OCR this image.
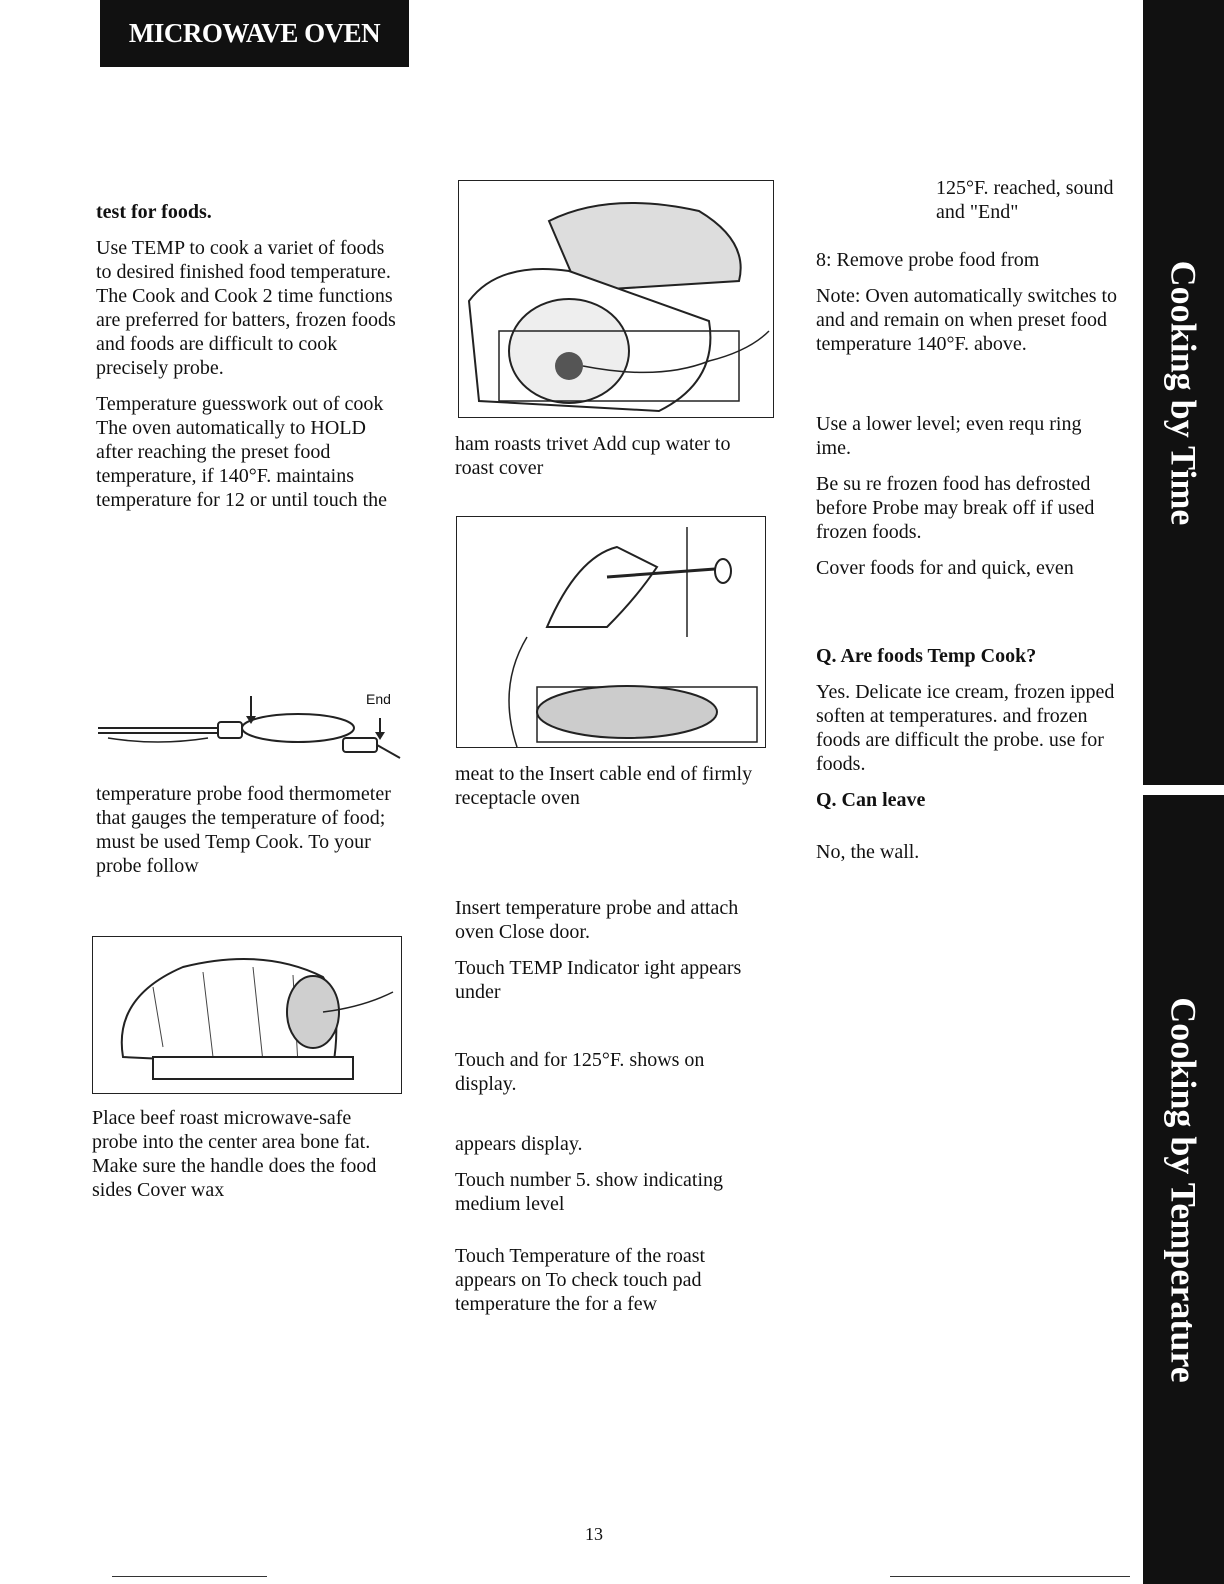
MICROWAVE OVEN
Cooking by Time
Cooking by Temperature

test for foods.

Use TEMP to cook a variet of foods to desired finished food temperature. The Cook and Cook 2 time functions are preferred for batters, frozen foods and foods are difficult to cook precisely probe.

Temperature guesswork out of cook The oven automatically to HOLD after reaching the preset food temperature, if 140°F. maintains temperature for 12 or until touch the

End

temperature probe food thermometer that gauges the temperature of food; must be used Temp Cook. To your probe follow

Place beef roast microwave-safe probe into the center area bone fat. Make sure the handle does the food sides Cover wax

ham roasts trivet Add cup water to roast cover

meat to the Insert cable end of firmly receptacle oven

Insert temperature probe and attach oven Close door.

Touch TEMP Indicator ight appears under

Touch and for 125°F. shows on display.

appears display.

Touch number 5. show indicating medium level

Touch Temperature of the roast appears on To check touch pad temperature the for a few

125°F. reached, sound and "End"

8: Remove probe food from

Note: Oven automatically switches to and and remain on when preset food temperature 140°F. above.

Use a lower level; even requ ring ime.

Be su re frozen food has defrosted before Probe may break off if used frozen foods.

Cover foods for and quick, even

Q. Are foods Temp Cook?

Yes. Delicate ice cream, frozen ipped soften at temperatures. and frozen foods are difficult the probe. use for foods.

Q. Can leave

No, the wall.

13
